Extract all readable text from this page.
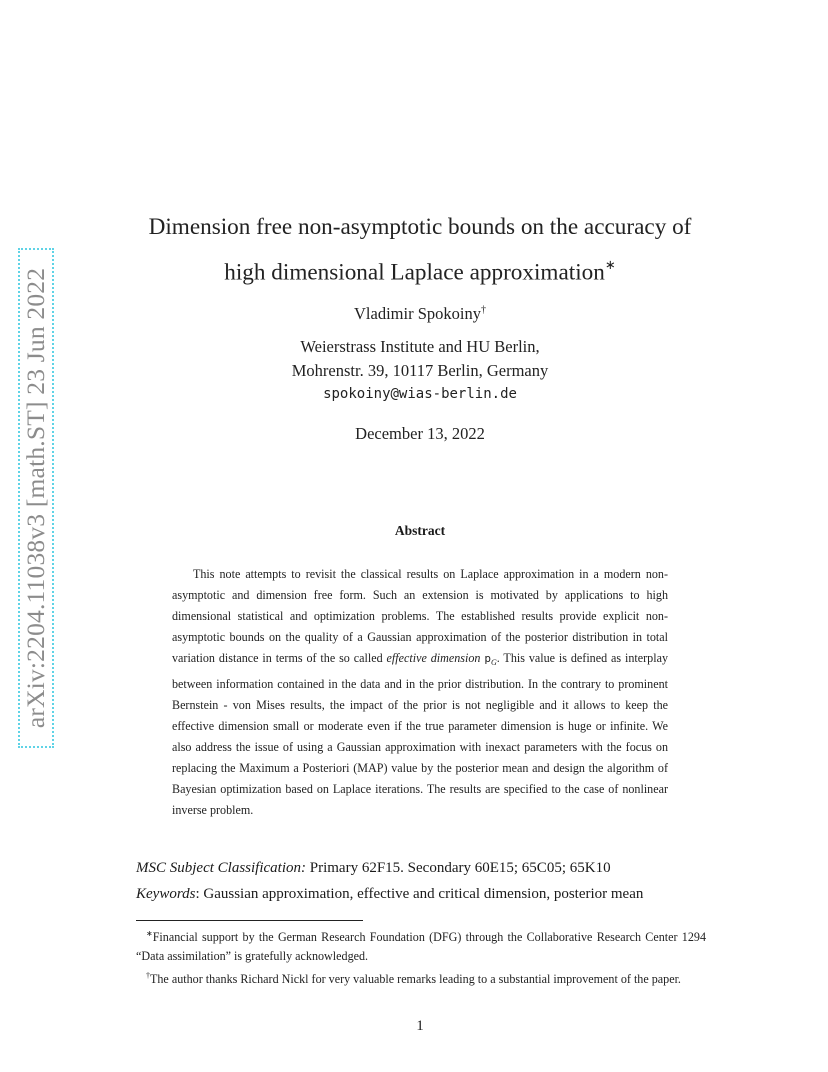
arXiv:2204.11038v3 [math.ST] 23 Jun 2022
Dimension free non-asymptotic bounds on the accuracy of
high dimensional Laplace approximation∗
Vladimir Spokoiny†
Weierstrass Institute and HU Berlin,
Mohrenstr. 39, 10117 Berlin, Germany
spokoiny@wias-berlin.de
December 13, 2022
Abstract
This note attempts to revisit the classical results on Laplace approximation in a modern non-asymptotic and dimension free form. Such an extension is motivated by applications to high dimensional statistical and optimization problems. The established results provide explicit non-asymptotic bounds on the quality of a Gaussian approximation of the posterior distribution in total variation distance in terms of the so called effective dimension $p_G$. This value is defined as interplay between information contained in the data and in the prior distribution. In the contrary to prominent Bernstein - von Mises results, the impact of the prior is not negligible and it allows to keep the effective dimension small or moderate even if the true parameter dimension is huge or infinite. We also address the issue of using a Gaussian approximation with inexact parameters with the focus on replacing the Maximum a Posteriori (MAP) value by the posterior mean and design the algorithm of Bayesian optimization based on Laplace iterations. The results are specified to the case of nonlinear inverse problem.
MSC Subject Classification: Primary 62F15. Secondary 60E15; 65C05; 65K10
Keywords: Gaussian approximation, effective and critical dimension, posterior mean

∗Financial support by the German Research Foundation (DFG) through the Collaborative Research Center 1294 “Data assimilation” is gratefully acknowledged.

†The author thanks Richard Nickl for very valuable remarks leading to a substantial improvement of the paper.

1
